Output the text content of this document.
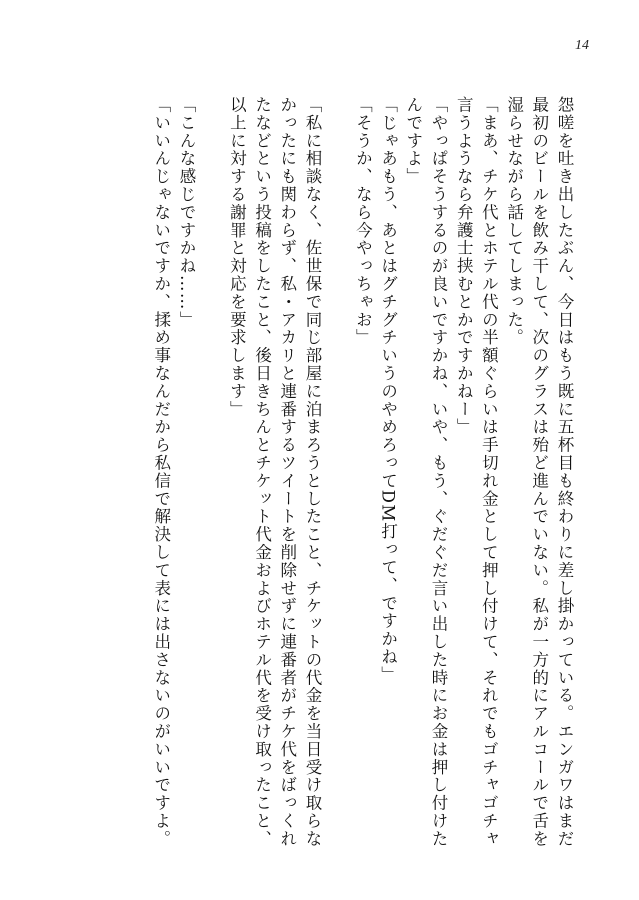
14
怨嗟を吐き出したぶん、今日はもう既に五杯目も終わりに差し掛かっている。エンガワはまだ
最初のビールを飲み干して、次のグラスは殆ど進んでいない。私が一方的にアルコールで舌を
湿らせながら話してしまった。
「まあ、チケ代とホテル代の半額ぐらいは手切れ金として押し付けて、それでもゴチャゴチャ
言うようなら弁護士挟むとかですかねー」
「やっぱそうするのが良いですかね、いや、もう、ぐだぐだ言い出した時にお金は押し付けた
んですよ」
「じゃあもう、あとはグチグチいうのやめろってDM打って、ですかね」
「そうか、なら今やっちゃお」
「私に相談なく、佐世保で同じ部屋に泊まろうとしたこと、チケットの代金を当日受け取らな
かったにも関わらず、私・アカリと連番するツイートを削除せずに連番者がチケ代をばっくれ
たなどという投稿をしたこと、後日きちんとチケット代金およびホテル代を受け取ったこと、
以上に対する謝罪と対応を要求します」
「こんな感じですかね……」
「いいんじゃないですか、揉め事なんだから私信で解決して表には出さないのがいいですよ。
